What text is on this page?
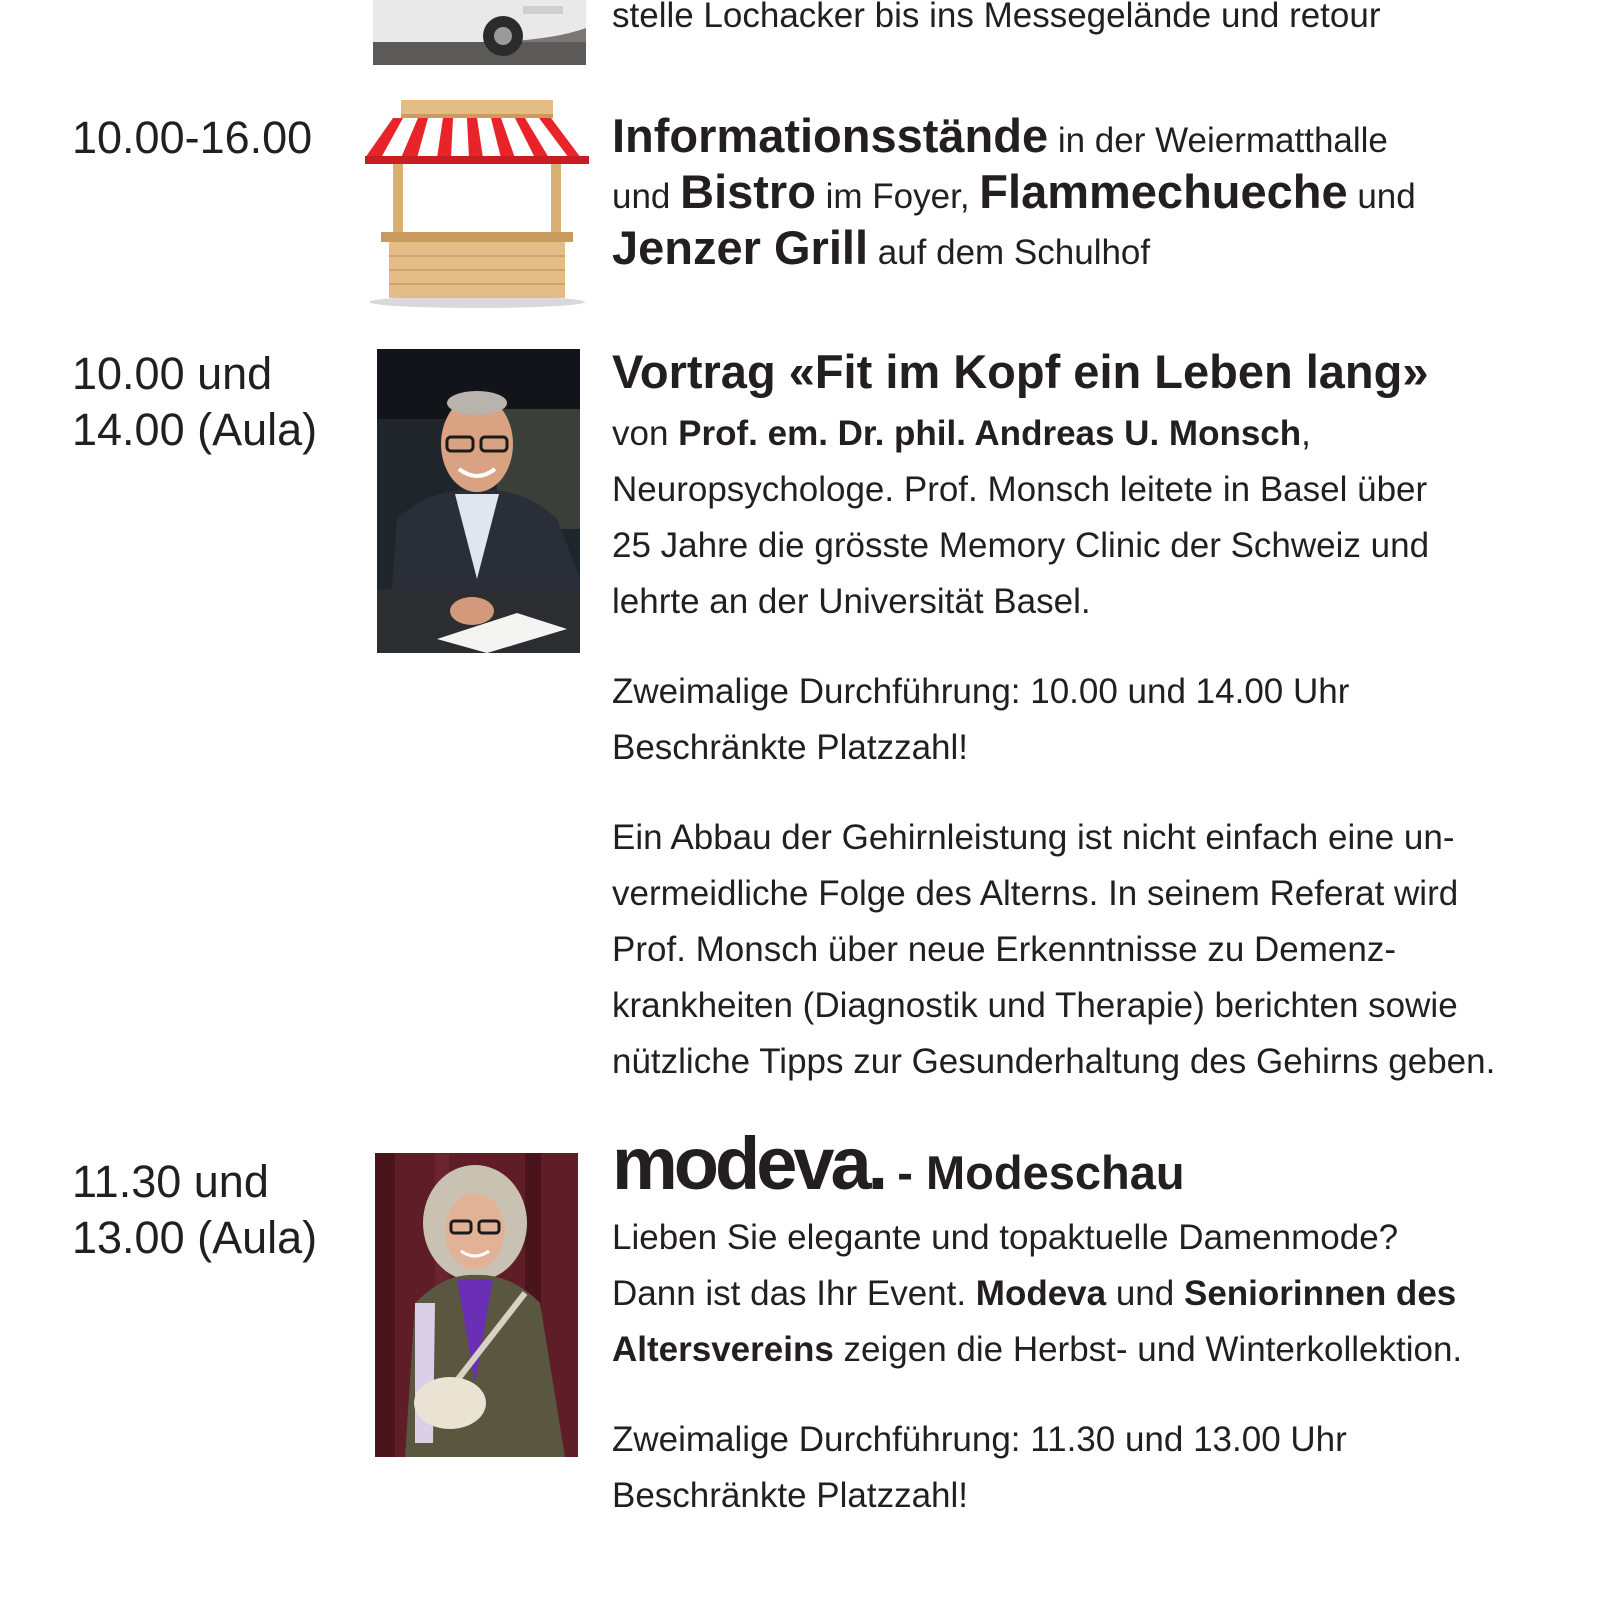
stelle Lochacker bis ins Messegelände und retour
10.00-16.00	Informationsstände in der Weiermatthalle
und Bistro im Foyer, Flammechueche und
Jenzer Grill auf dem Schulhof
10.00 und
14.00 (Aula)
Vortrag «Fit im Kopf ein Leben lang»
von Prof. em. Dr. phil. Andreas U. Monsch,
Neuropsychologe. Prof. Monsch leitete in Basel über
25 Jahre die grösste Memory Clinic der Schweiz und
lehrte an der Universität Basel.
Zweimalige Durchführung: 10.00 und 14.00 Uhr
Beschränkte Platzzahl!
Ein Abbau der Gehirnleistung ist nicht einfach eine un-
vermeidliche Folge des Alterns. In seinem Referat wird
Prof. Monsch über neue Erkenntnisse zu Demenz-
krankheiten (Diagnostik und Therapie) berichten sowie
nützliche Tipps zur Gesunderhaltung des Gehirns geben.
11.30 und
13.00 (Aula)
modeva. - Modeschau
Lieben Sie elegante und topaktuelle Damenmode?
Dann ist das Ihr Event. Modeva und Seniorinnen des
Altersvereins zeigen die Herbst- und Winterkollektion.
Zweimalige Durchführung: 11.30 und 13.00 Uhr
Beschränkte Platzzahl!
